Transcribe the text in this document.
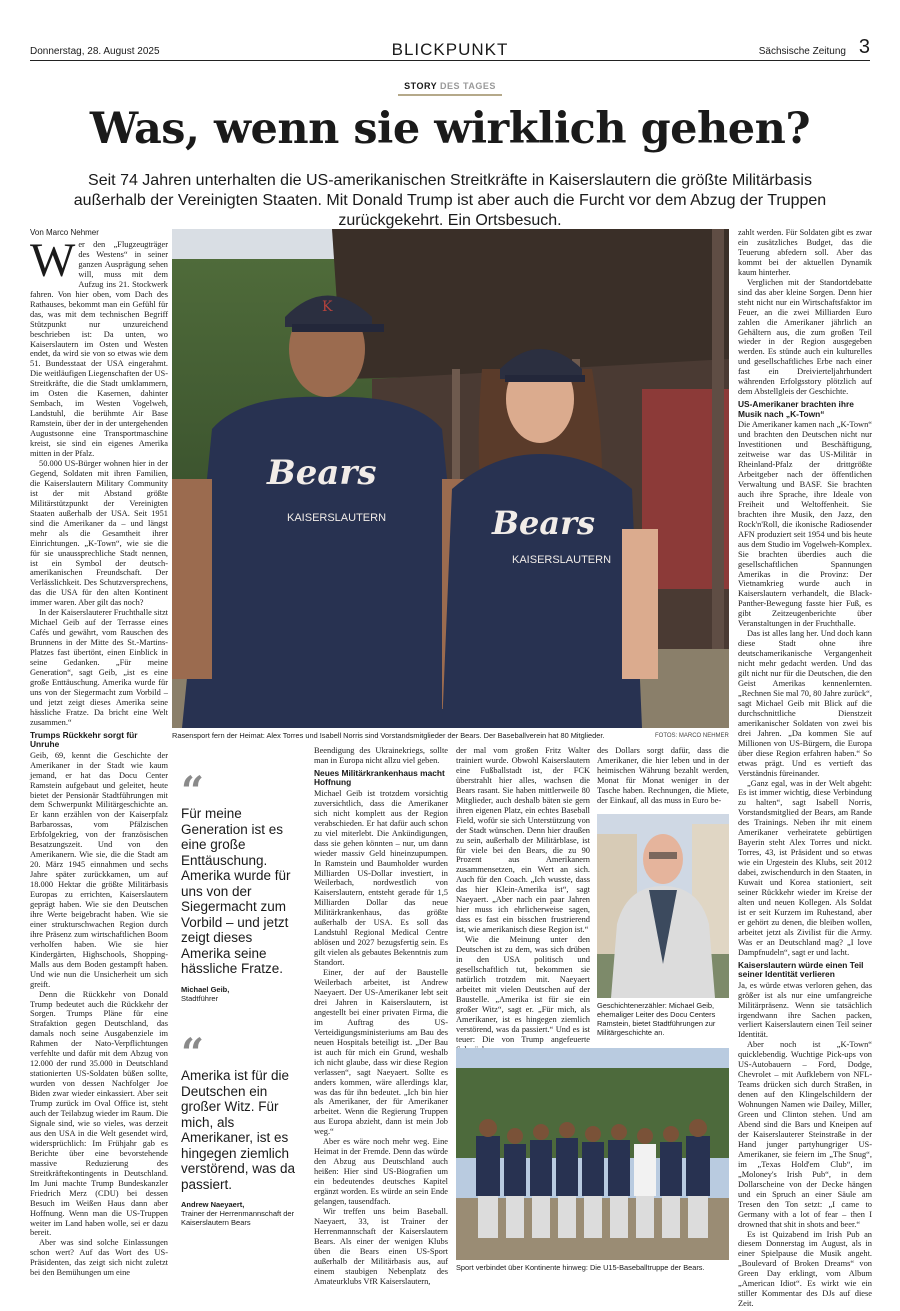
Donnerstag, 28. August 2025	BLICKPUNKT	Sächsische Zeitung 3
STORY DES TAGES
Was, wenn sie wirklich gehen?
Seit 74 Jahren unterhalten die US-amerikanischen Streitkräfte in Kaiserslautern die größte Militärbasis außerhalb der Vereinigten Staaten. Mit Donald Trump ist aber auch die Furcht vor dem Abzug der Truppen zurückgekehrt. Ein Ortsbesuch.
Von Marco Nehmer

Wer den „Flugzeugträger des Westens“ in seiner ganzen Ausprägung sehen will, muss mit dem Aufzug ins 21. Stockwerk fahren. Von hier oben, vom Dach des Rathauses, bekommt man ein Gefühl für das, was mit dem technischen Begriff Stützpunkt nur unzureichend beschrieben ist: Da unten, wo Kaiserslautern im Osten und Westen endet, da wird sie von so etwas wie dem 51. Bundesstaat der USA eingerahmt. Die weitläufigen Liegenschaften der US-Streitkräfte, die die Stadt umklammern, im Osten die Kasernen, dahinter Sembach, im Westen Vogelweh, Landstuhl, die berühmte Air Base Ramstein, über der in der untergehenden Augustsonne eine Transportmaschine kreist, sie sind ein eigenes Amerika mitten in der Pfalz.

50.000 US-Bürger wohnen hier in der Gegend, Soldaten mit ihren Familien, die Kaiserslautern Military Community ist der mit Abstand größte Militärstützpunkt der Vereinigten Staaten außerhalb der USA. Seit 1951 sind die Amerikaner da – und längst mehr als die Gesamtheit ihrer Einrichtungen. „K-Town“, wie sie die für sie unaussprechliche Stadt nennen, ist ein Symbol der deutsch-amerikanischen Freundschaft. Der Verlässlichkeit. Des Schutzversprechens, das die USA für den alten Kontinent immer waren. Aber gilt das noch?

In der Kaiserslauterer Fruchthalle sitzt Michael Geib auf der Terrasse eines Cafés und gewährt, vom Rauschen des Brunnens in der Mitte des St.-Martins-Platzes fast übertönt, einen Einblick in seine Gedanken. „Für meine Generation“, sagt Geib, „ist es eine große Enttäuschung. Amerika wurde für uns von der Siegermacht zum Vorbild – und jetzt zeigt dieses Amerika seine hässliche Fratze. Da bricht eine Welt zusammen.“

Trumps Rückkehr sorgt für Unruhe

Geib, 69, kennt die Geschichte der Amerikaner in der Stadt wie kaum jemand, er hat das Docu Center Ramstein aufgebaut und geleitet, heute bietet der Pensionär Stadtführungen mit dem Schwerpunkt Militärgeschichte an. Er kann erzählen von der Kaiserpfalz Barbarossas, vom Pfälzischen Erbfolgekrieg, von der französischen Besatzungszeit. Und von den Amerikanern. Wie sie, die die Stadt am 20. März 1945 einnahmen und sechs Jahre später zurückkamen, um auf 18.000 Hektar die größte Militärbasis Europas zu errichten, Kaiserslautern geprägt haben. Wie sie den Deutschen ihre Werte beigebracht haben. Wie sie einer strukturschwachen Region durch ihre Präsenz zum wirtschaftlichen Boom verholfen haben. Wie sie hier Kindergärten, Highschools, Shopping-Malls aus dem Boden gestampft haben. Und wie nun die Unsicherheit um sich greift.

Denn die Rückkehr von Donald Trump bedeutet auch die Rückkehr der Sorgen. Trumps Pläne für eine Strafaktion gegen Deutschland, das damals noch seine Ausgabenziele im Rahmen der Nato-Verpflichtungen verfehlte und dafür mit dem Abzug von 12.000 der rund 35.000 in Deutschland stationierten US-Soldaten büßen sollte, wurden von dessen Nachfolger Joe Biden zwar wieder einkassiert. Aber seit Trump zurück im Oval Office ist, steht auch der Teilabzug wieder im Raum. Die Signale sind, wie so vieles, was derzeit aus den USA in die Welt gesendet wird, widersprüchlich: Im Frühjahr gab es Berichte über eine bevorstehende massive Reduzierung des Streitkräftekontingents in Deutschland. Im Juni machte Trump Bundeskanzler Friedrich Merz (CDU) bei dessen Besuch im Weißen Haus dann aber Hoffnung. Wenn man die US-Truppen weiter im Land haben wolle, sei er dazu bereit.

Aber was sind solche Einlassungen schon wert? Auf das Wort des US-Präsidenten, das zeigt sich nicht zuletzt bei den Bemühungen um eine

K
Bears
KAISERSLAUTERN	Bears
KAISERSLAUTERN
Rasensport fern der Heimat: Alex Torres und Isabell Norris sind Vorstandsmitglieder der Bears. Der Baseballverein hat 80 Mitglieder.	FOTOS: MARCO NEHMER
“
Für meine Generation ist es eine große Enttäuschung. Amerika wurde für uns von der Siegermacht zum Vorbild – und jetzt zeigt dieses Amerika seine hässliche Fratze.
Michael Geib,
Stadtführer
“
Amerika ist für die Deutschen ein großer Witz. Für mich, als Amerikaner, ist es hingegen ziemlich verstörend, was da passiert.
Andrew Naeyaert,
Trainer der Herrenmannschaft der Kaiserslautern Bears

Beendigung des Ukrainekriegs, sollte man in Europa nicht allzu viel geben.

Neues Militärkrankenhaus macht Hoffnung

Michael Geib ist trotzdem vorsichtig zuversichtlich, dass die Amerikaner sich nicht komplett aus der Region verabschieden. Er hat dafür auch schon zu viel miterlebt. Die Ankündigungen, dass sie gehen könnten – nur, um dann wieder massiv Geld hineinzupumpen. In Ramstein und Baumholder wurden Milliarden US-Dollar investiert, in Weilerbach, nordwestlich von Kaiserslautern, entsteht gerade für 1,5 Milliarden Dollar das neue Militärkrankenhaus, das größte außerhalb der USA. Es soll das Landstuhl Regional Medical Centre ablösen und 2027 bezugsfertig sein. Es gilt vielen als gebautes Bekenntnis zum Standort.

Einer, der auf der Baustelle Weilerbach arbeitet, ist Andrew Naeyaert. Der US-Amerikaner lebt seit drei Jahren in Kaiserslautern, ist angestellt bei einer privaten Firma, die im Auftrag des US-Verteidigungsministeriums am Bau des neuen Hospitals beteiligt ist. „Der Bau ist auch für mich ein Grund, weshalb ich nicht glaube, dass wir diese Region verlassen“, sagt Naeyaert. Sollte es anders kommen, wäre allerdings klar, was das für ihn bedeutet. „Ich bin hier als Amerikaner, der für Amerikaner arbeitet. Wenn die Regierung Truppen aus Europa abzieht, dann ist mein Job weg.“

Aber es wäre noch mehr weg. Eine Heimat in der Fremde. Denn das würde den Abzug aus Deutschland auch heißen: Hier sind US-Biografien um ein bedeutendes deutsches Kapitel ergänzt worden. Es würde an sein Ende gelangen, tausendfach.

Wir treffen uns beim Baseball. Naeyaert, 33, ist Trainer der Herrenmannschaft der Kaiserslautern Bears. Als einer der wenigen Klubs üben die Bears einen US-Sport außerhalb der Militärbasis aus, auf einem staubigen Nebenplatz des Amateurklubs VfR Kaiserslautern,

der mal vom großen Fritz Walter trainiert wurde. Obwohl Kaiserslautern eine Fußballstadt ist, der FCK überstrahlt hier alles, wachsen die Bears rasant. Sie haben mittlerweile 80 Mitglieder, auch deshalb bäten sie gern ihren eigenen Platz, ein echtes Baseball Field, wofür sie sich Unterstützung von der Stadt wünschen. Denn hier draußen zu sein, außerhalb der Militärblase, ist für viele bei den Bears, die zu 90 Prozent aus Amerikanern zusammensetzen, ein Wert an sich. Auch für den Coach. „Ich wusste, dass das hier Klein-Amerika ist“, sagt Naeyaert. „Aber nach ein paar Jahren hier muss ich ehrlicherweise sagen, dass es fast ein bisschen frustrierend ist, wie amerikanisch diese Region ist.“

Wie die Meinung unter den Deutschen ist zu dem, was sich drüben in den USA politisch und gesellschaftlich tut, bekommen sie natürlich trotzdem mit. Naeyaert arbeitet mit vielen Deutschen auf der Baustelle. „Amerika ist für sie ein großer Witz“, sagt er. „Für mich, als Amerikaner, ist es hingegen ziemlich verstörend, was da passiert.“ Und es ist teuer: Die von Trump angefeuerte

des Dollars sorgt dafür, dass die Amerikaner, die hier leben und in der heimischen Währung bezahlt werden, Monat für Monat weniger in der Tasche haben. Rechnungen, die Miete, der Einkauf, all das muss in Euro be-

Geschichtenerzähler: Michael Geib, ehemaliger Leiter des Docu Centers Ramstein, bietet Stadtführungen zur Militärgeschichte an.
Sport verbindet über Kontinente hinweg: Die U15-Baseballtruppe der Bears.

zahlt werden. Für Soldaten gibt es zwar ein zusätzliches Budget, das die Teuerung abfedern soll. Aber das kommt bei der aktuellen Dynamik kaum hinterher.

Verglichen mit der Standortdebatte sind das aber kleine Sorgen. Denn hier steht nicht nur ein Wirtschaftsfaktor im Feuer, an die zwei Milliarden Euro zahlen die Amerikaner jährlich an Gehältern aus, die zum großen Teil wieder in der Region ausgegeben werden. Es stünde auch ein kulturelles und gesellschaftliches Erbe nach einer fast ein Dreivierteljahrhundert währenden Erfolgsstory plötzlich auf dem Abstellgleis der Geschichte.

US-Amerikaner brachten ihre Musik nach „K-Town“

Die Amerikaner kamen nach „K-Town“ und brachten den Deutschen nicht nur Investitionen und Beschäftigung, zeitweise war das US-Militär in Rheinland-Pfalz der drittgrößte Arbeitgeber nach der öffentlichen Verwaltung und BASF. Sie brachten auch ihre Sprache, ihre Ideale von Freiheit und Weltoffenheit. Sie brachten ihre Musik, den Jazz, den Rock'n'Roll, die ikonische Radiosender AFN produziert seit 1954 und bis heute aus dem Studio im Vogelweh-Komplex. Sie brachten überdies auch die gesellschaftlichen Spannungen Amerikas in die Provinz: Der Vietnamkrieg wurde auch in Kaiserslautern verhandelt, die Black-Panther-Bewegung fasste hier Fuß, es gibt Zeitzeugenberichte über Veranstaltungen in der Fruchthalle.

Das ist alles lang her. Und doch kann diese Stadt ohne ihre deutschamerikanische Vergangenheit nicht mehr gedacht werden. Und das gilt nicht nur für die Deutschen, die den Geist Amerikas kennenlernten. „Rechnen Sie mal 70, 80 Jahre zurück“, sagt Michael Geib mit Blick auf die durchschnittliche Dienstzeit amerikanischer Soldaten von zwei bis drei Jahren. „Da kommen Sie auf Millionen von US-Bürgern, die Europa über diese Region erfahren haben.“ So etwas prägt. Und es vertieft das Verständnis füreinander.

„Ganz egal, was in der Welt abgeht: Es ist immer wichtig, diese Verbindung zu halten“, sagt Isabell Norris, Vorstandsmitglied der Bears, am Rande des Trainings. Neben ihr mit einem Amerikaner verheiratete gebürtigen Bayerin steht Alex Torres und nickt. Torres, 43, ist Präsident und so etwas wie ein Urgestein des Klubs, seit 2012 dabei, zwischendurch in den Staaten, in Kuwait und Korea stationiert, seit seiner Rückkehr wieder im Kreise der alten und neuen Kollegen. Als Soldat ist er seit Kurzem im Ruhestand, aber er gehört zu denen, die bleiben wollen, arbeitet jetzt als Zivilist für die Army. Was er an Deutschland mag? „I love Dampfnudeln“, sagt er und lacht.

Kaiserslautern würde einen Teil seiner Identität verlieren

Ja, es würde etwas verloren gehen, das größer ist als nur eine umfangreiche Militärpräsenz. Wenn sie tatsächlich irgendwann ihre Sachen packen, verliert Kaiserslautern einen Teil seiner Identität.

Aber noch ist „K-Town“ quicklebendig. Wuchtige Pick-ups von US-Autobauern – Ford, Dodge, Chevrolet – mit Aufklebern von NFL-Teams drücken sich durch Straßen, in denen auf den Klingelschildern der Wohnungen Namen wie Dailey, Miller, Green und Clinton stehen. Und am Abend sind die Bars und Kneipen auf der Kaiserslauterer Steinstraße in der Hand junger partyhungriger US-Amerikaner, sie feiern im „The Snug“, im „Texas Hold'em Club“, im „Moloney's Irish Pub“, in dem Dollarscheine von der Decke hängen und ein Spruch an einer Säule am Tresen den Ton setzt: „I came to Germany with a lot of fear – then I drowned that shit in shots and beer.“

Es ist Quizabend im Irish Pub an diesem Donnerstag im August, als in einer Spielpause die Musik angeht. „Boulevard of Broken Dreams“ von Green Day erklingt, vom Album „American Idiot“. Es wirkt wie ein stiller Kommentar des DJs auf diese Zeit.
